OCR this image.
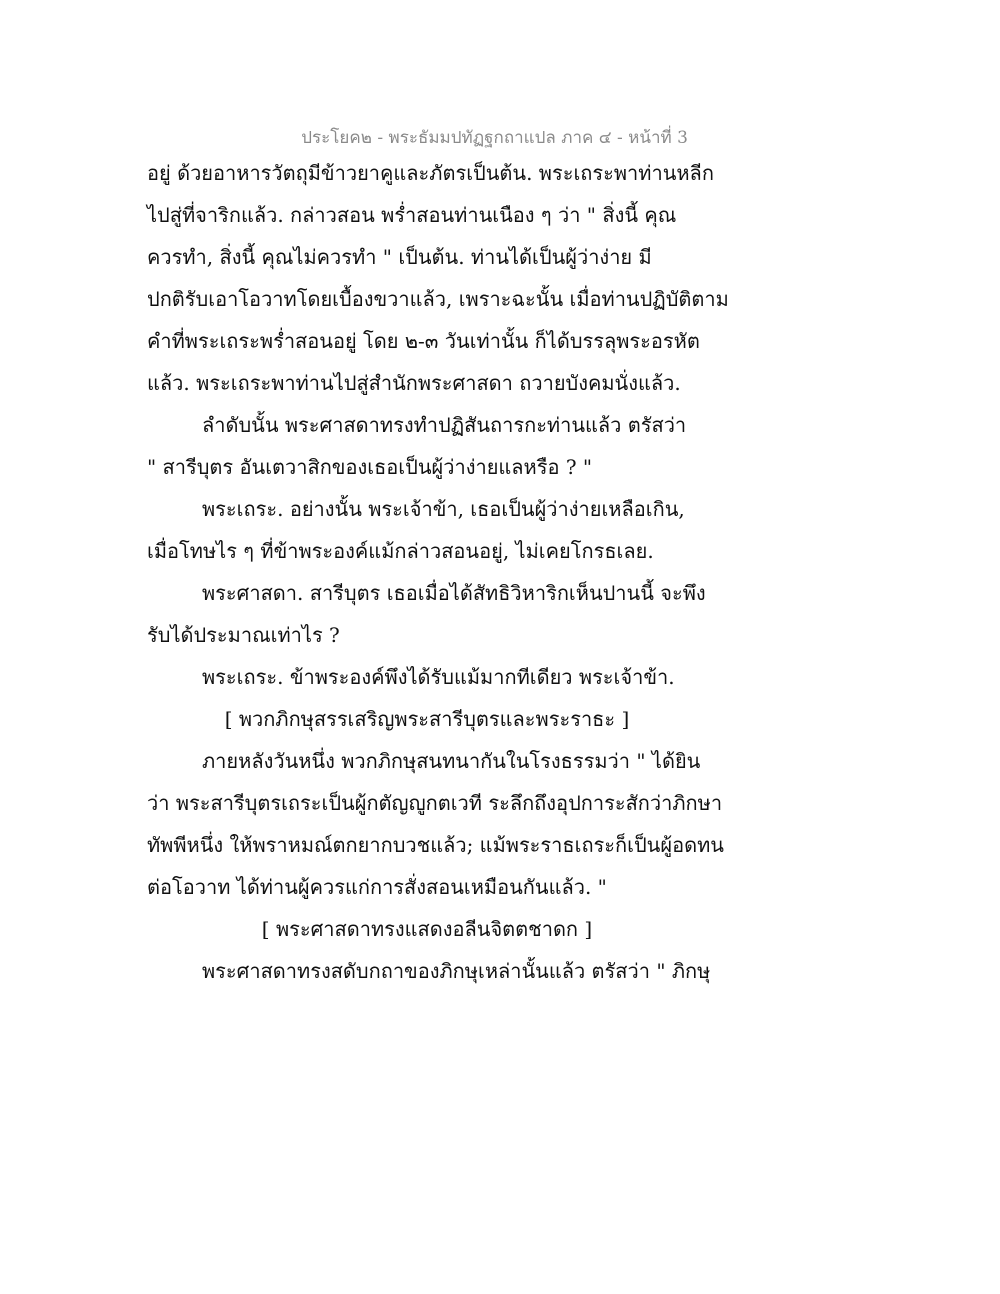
ประโยค๒ - พระธัมมปทัฏฐกถาแปล ภาค ๔ - หน้าที่ 3
อยู่ ด้วยอาหารวัตถุมีข้าวยาคูและภัตรเป็นต้น. พระเถระพาท่านหลีก
ไปสู่ที่จาริกแล้ว. กล่าวสอน พร่ำสอนท่านเนือง ๆ ว่า " สิ่งนี้ คุณ
ควรทำ, สิ่งนี้ คุณไม่ควรทำ " เป็นต้น. ท่านได้เป็นผู้ว่าง่าย มี
ปกติรับเอาโอวาทโดยเบื้องขวาแล้ว, เพราะฉะนั้น เมื่อท่านปฏิบัติตาม
คำที่พระเถระพร่ำสอนอยู่ โดย ๒-๓ วันเท่านั้น ก็ได้บรรลุพระอรหัต
แล้ว. พระเถระพาท่านไปสู่สำนักพระศาสดา ถวายบังคมนั่งแล้ว.
ลำดับนั้น พระศาสดาทรงทำปฏิสันถารกะท่านแล้ว ตรัสว่า
" สารีบุตร อันเตวาสิกของเธอเป็นผู้ว่าง่ายแลหรือ ? "
พระเถระ. อย่างนั้น พระเจ้าข้า, เธอเป็นผู้ว่าง่ายเหลือเกิน,
เมื่อโทษไร ๆ ที่ข้าพระองค์แม้กล่าวสอนอยู่, ไม่เคยโกรธเลย.
พระศาสดา. สารีบุตร เธอเมื่อได้สัทธิวิหาริกเห็นปานนี้ จะพึง
รับได้ประมาณเท่าไร ?
พระเถระ. ข้าพระองค์พึงได้รับแม้มากทีเดียว พระเจ้าข้า.
[ พวกภิกษุสรรเสริญพระสารีบุตรและพระราธะ ]
ภายหลังวันหนึ่ง พวกภิกษุสนทนากันในโรงธรรมว่า " ได้ยิน
ว่า พระสารีบุตรเถระเป็นผู้กตัญญูกตเวที ระลึกถึงอุปการะสักว่าภิกษา
ทัพพีหนึ่ง ให้พราหมณ์ตกยากบวชแล้ว; แม้พระราธเถระก็เป็นผู้อดทน
ต่อโอวาท ได้ท่านผู้ควรแก่การสั่งสอนเหมือนกันแล้ว. "
[ พระศาสดาทรงแสดงอลีนจิตตชาดก ]
พระศาสดาทรงสดับกถาของภิกษุเหล่านั้นแล้ว ตรัสว่า " ภิกษุ
